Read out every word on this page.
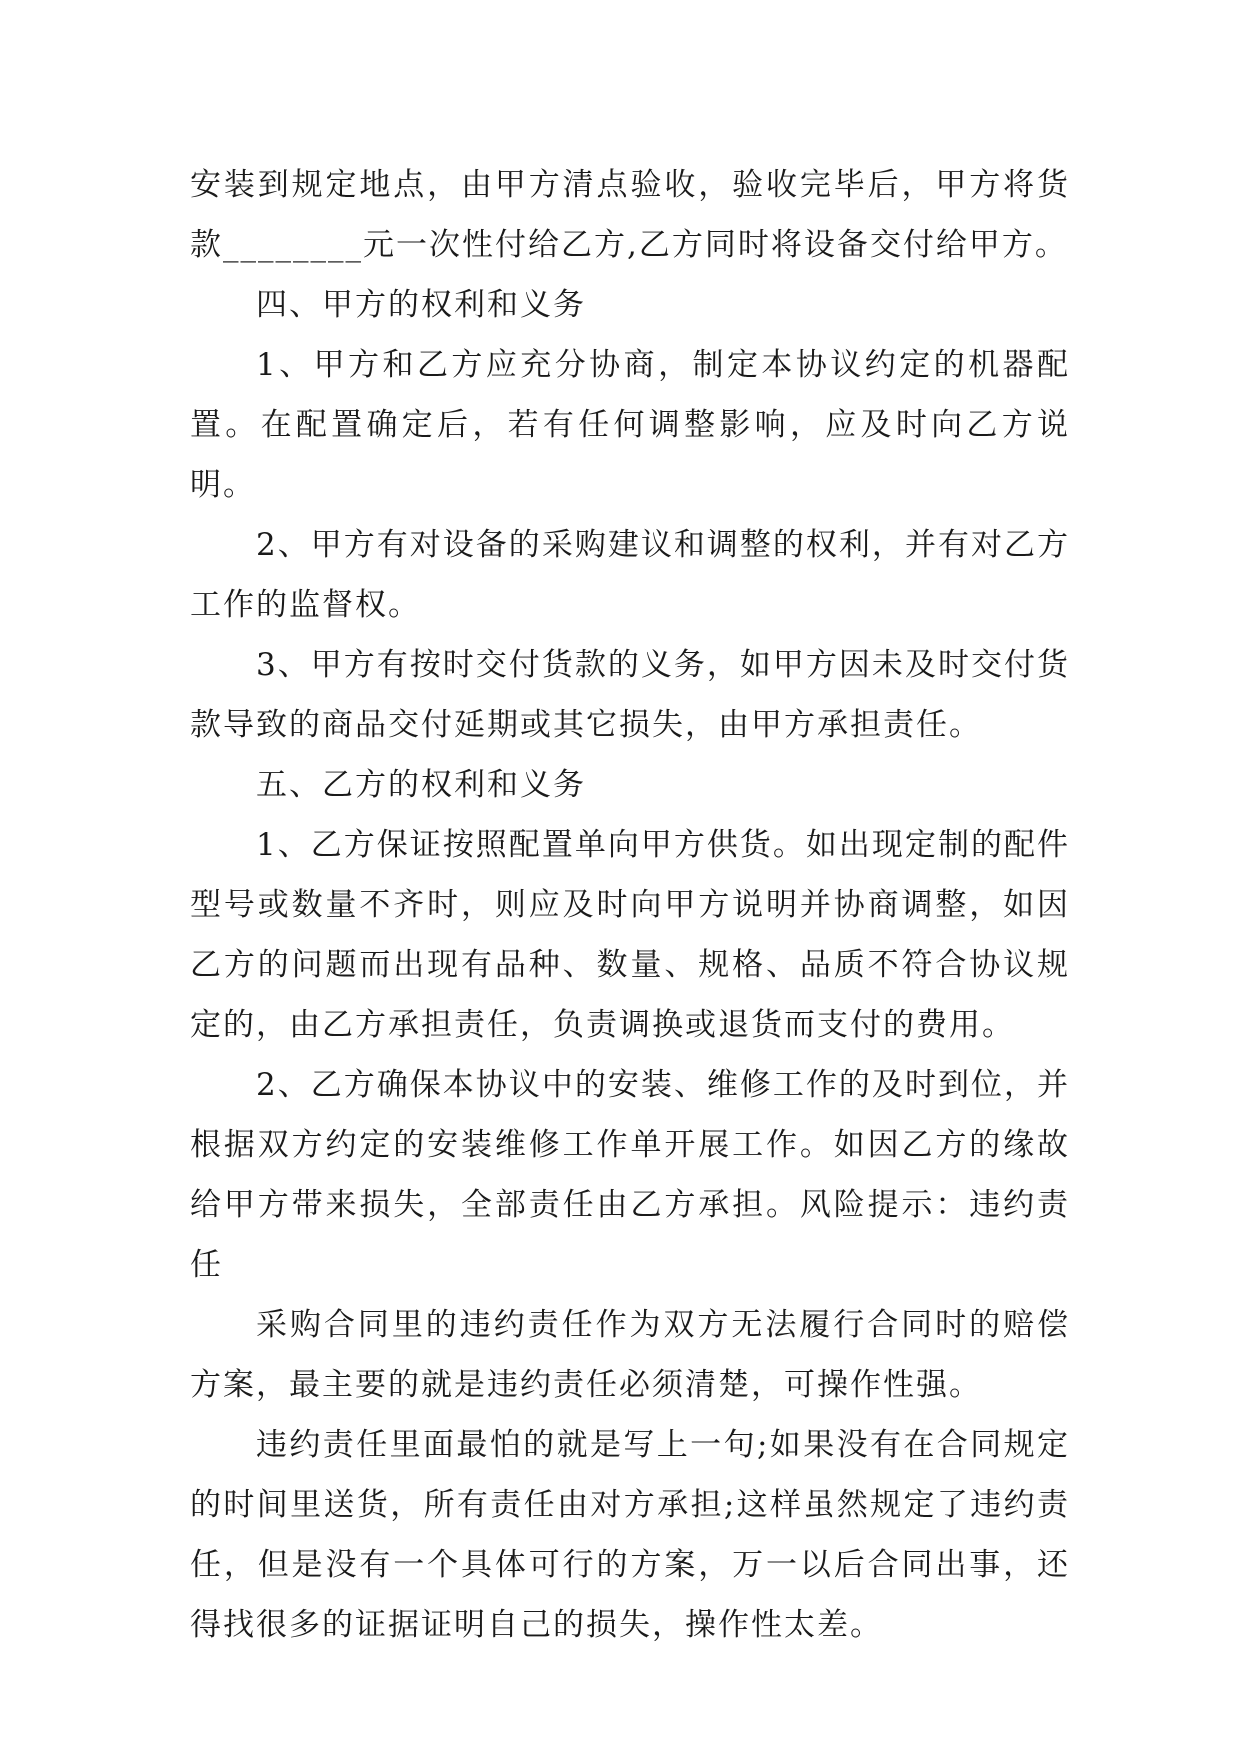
安装到规定地点，由甲方清点验收，验收完毕后，甲方将货款________元一次性付给乙方,乙方同时将设备交付给甲方。

四、甲方的权利和义务

1、甲方和乙方应充分协商，制定本协议约定的机器配置。在配置确定后，若有任何调整影响，应及时向乙方说明。

2、甲方有对设备的采购建议和调整的权利，并有对乙方工作的监督权。

3、甲方有按时交付货款的义务，如甲方因未及时交付货款导致的商品交付延期或其它损失，由甲方承担责任。

五、乙方的权利和义务

1、乙方保证按照配置单向甲方供货。如出现定制的配件型号或数量不齐时，则应及时向甲方说明并协商调整，如因乙方的问题而出现有品种、数量、规格、品质不符合协议规定的，由乙方承担责任，负责调换或退货而支付的费用。

2、乙方确保本协议中的安装、维修工作的及时到位，并根据双方约定的安装维修工作单开展工作。如因乙方的缘故给甲方带来损失，全部责任由乙方承担。风险提示：违约责任

采购合同里的违约责任作为双方无法履行合同时的赔偿方案，最主要的就是违约责任必须清楚，可操作性强。

违约责任里面最怕的就是写上一句;如果没有在合同规定的时间里送货，所有责任由对方承担;这样虽然规定了违约责任，但是没有一个具体可行的方案，万一以后合同出事，还得找很多的证据证明自己的损失，操作性太差。
